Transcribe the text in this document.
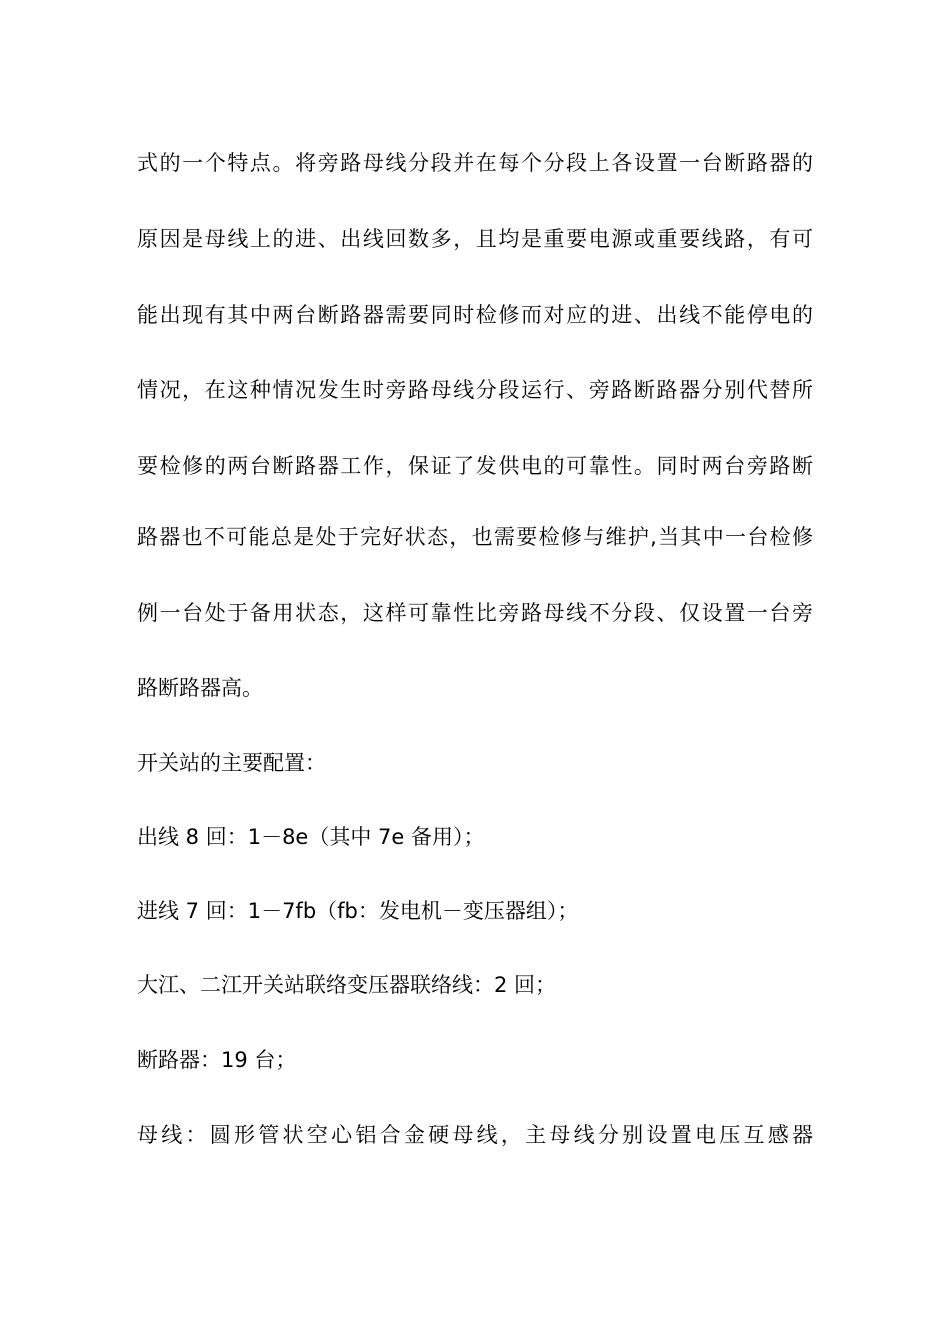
式的一个特点。将旁路母线分段并在每个分段上各设置一台断路器的
原因是母线上的进、出线回数多，且均是重要电源或重要线路，有可
能出现有其中两台断路器需要同时检修而对应的进、出线不能停电的
情况，在这种情况发生时旁路母线分段运行、旁路断路器分别代替所
要检修的两台断路器工作，保证了发供电的可靠性。同时两台旁路断
路器也不可能总是处于完好状态，也需要检修与维护,当其中一台检修
例一台处于备用状态，这样可靠性比旁路母线不分段、仅设置一台旁
路断路器高。
开关站的主要配置：
出线 8 回：1－8e（其中 7e 备用）；
进线 7 回：1－7fb（fb：发电机－变压器组）；
大江、二江开关站联络变压器联络线：2 回；
断路器：19 台；
母线：圆形管状空心铝合金硬母线，主母线分别设置电压互感器
